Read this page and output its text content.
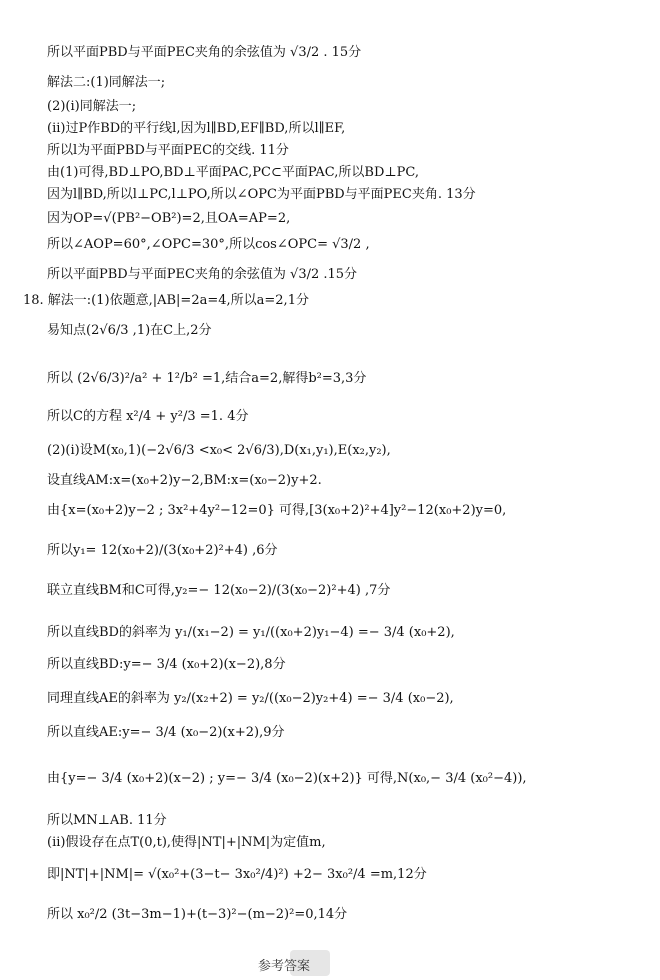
所以平面PBD与平面PEC夹角的余弦值为 √3/2 . 15分
解法二:(1)同解法一;
(2)(i)同解法一;
(ii)过P作BD的平行线l,因为l∥BD,EF∥BD,所以l∥EF,
所以l为平面PBD与平面PEC的交线. 11分
由(1)可得,BD⊥PO,BD⊥平面PAC,PC⊂平面PAC,所以BD⊥PC,
因为l∥BD,所以l⊥PC,l⊥PO,所以∠OPC为平面PBD与平面PEC夹角. 13分
因为OP=√(PB²−OB²)=2,且OA=AP=2,
所以∠AOP=60°,∠OPC=30°,所以cos∠OPC= √3/2 ,
所以平面PBD与平面PEC夹角的余弦值为 √3/2 .15分
18. 解法一:(1)依题意,|AB|=2a=4,所以a=2,1分
易知点(2√6/3 ,1)在C上,2分
所以 (2√6/3)²/a² + 1²/b² =1,结合a=2,解得b²=3,3分
所以C的方程 x²/4 + y²/3 =1. 4分
(2)(i)设M(x₀,1)(−2√6/3 <x₀< 2√6/3),D(x₁,y₁),E(x₂,y₂),
设直线AM:x=(x₀+2)y−2,BM:x=(x₀−2)y+2.
由{x=(x₀+2)y−2 ; 3x²+4y²−12=0} 可得,[3(x₀+2)²+4]y²−12(x₀+2)y=0,
所以y₁= 12(x₀+2)/(3(x₀+2)²+4) ,6分
联立直线BM和C可得,y₂=− 12(x₀−2)/(3(x₀−2)²+4) ,7分
所以直线BD的斜率为 y₁/(x₁−2) = y₁/((x₀+2)y₁−4) =− 3/4 (x₀+2),
所以直线BD:y=− 3/4 (x₀+2)(x−2),8分
同理直线AE的斜率为 y₂/(x₂+2) = y₂/((x₀−2)y₂+4) =− 3/4 (x₀−2),
所以直线AE:y=− 3/4 (x₀−2)(x+2),9分
由{y=− 3/4 (x₀+2)(x−2) ; y=− 3/4 (x₀−2)(x+2)} 可得,N(x₀,− 3/4 (x₀²−4)),
所以MN⊥AB. 11分
(ii)假设存在点T(0,t),使得|NT|+|NM|为定值m,
即|NT|+|NM|= √(x₀²+(3−t− 3x₀²/4)²) +2− 3x₀²/4 =m,12分
所以 x₀²/2 (3t−3m−1)+(t−3)²−(m−2)²=0,14分
参考答案
